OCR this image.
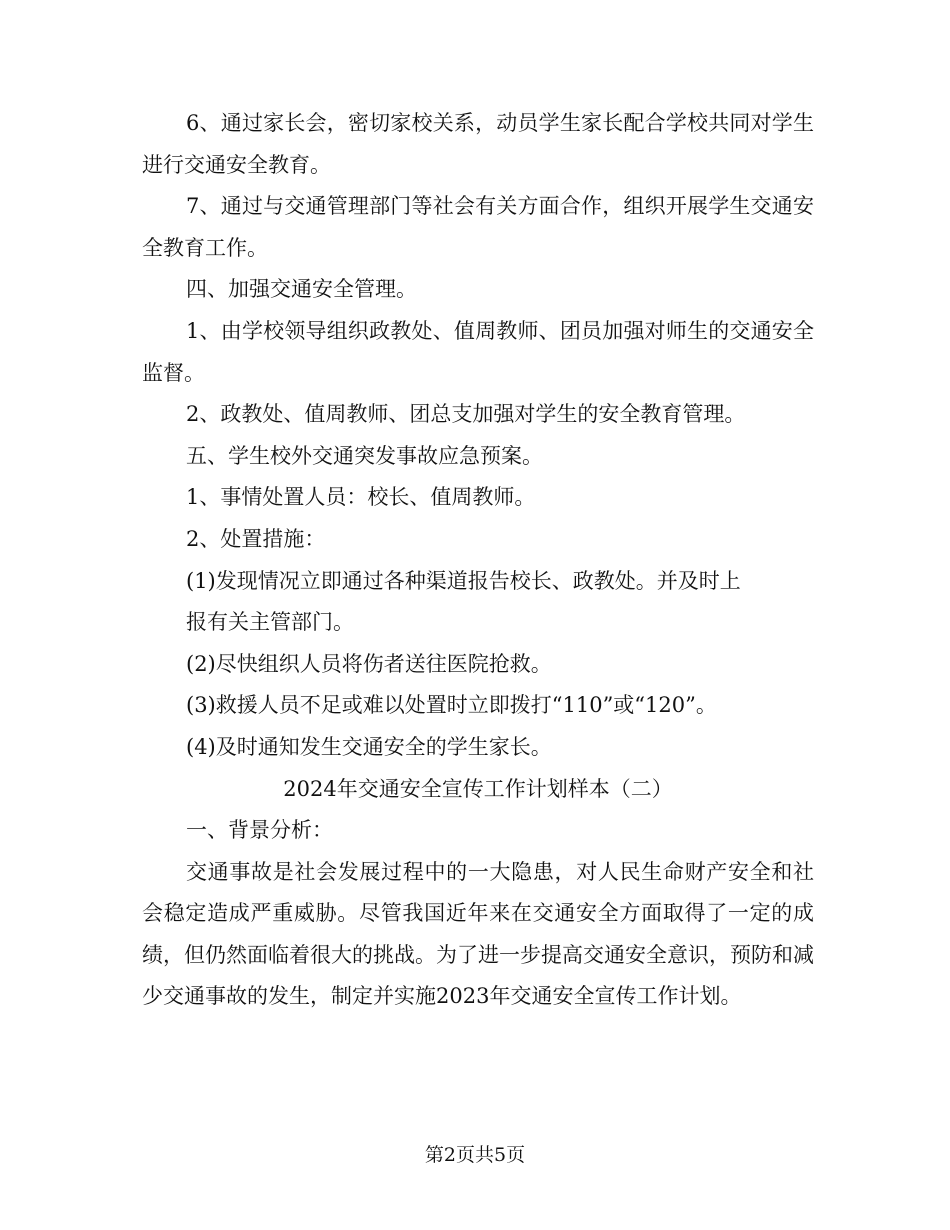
6、通过家长会，密切家校关系，动员学生家长配合学校共同对学生进行交通安全教育。

7、通过与交通管理部门等社会有关方面合作，组织开展学生交通安全教育工作。

四、加强交通安全管理。

1、由学校领导组织政教处、值周教师、团员加强对师生的交通安全监督。

2、政教处、值周教师、团总支加强对学生的安全教育管理。

五、学生校外交通突发事故应急预案。

1、事情处置人员：校长、值周教师。

2、处置措施：

(1)发现情况立即通过各种渠道报告校长、政教处。并及时上

报有关主管部门。

(2)尽快组织人员将伤者送往医院抢救。

(3)救援人员不足或难以处置时立即拨打“110”或“120”。

(4)及时通知发生交通安全的学生家长。

2024年交通安全宣传工作计划样本（二）

一、背景分析：

交通事故是社会发展过程中的一大隐患，对人民生命财产安全和社会稳定造成严重威胁。尽管我国近年来在交通安全方面取得了一定的成绩，但仍然面临着很大的挑战。为了进一步提高交通安全意识，预防和减少交通事故的发生，制定并实施2023年交通安全宣传工作计划。

第2页共5页
